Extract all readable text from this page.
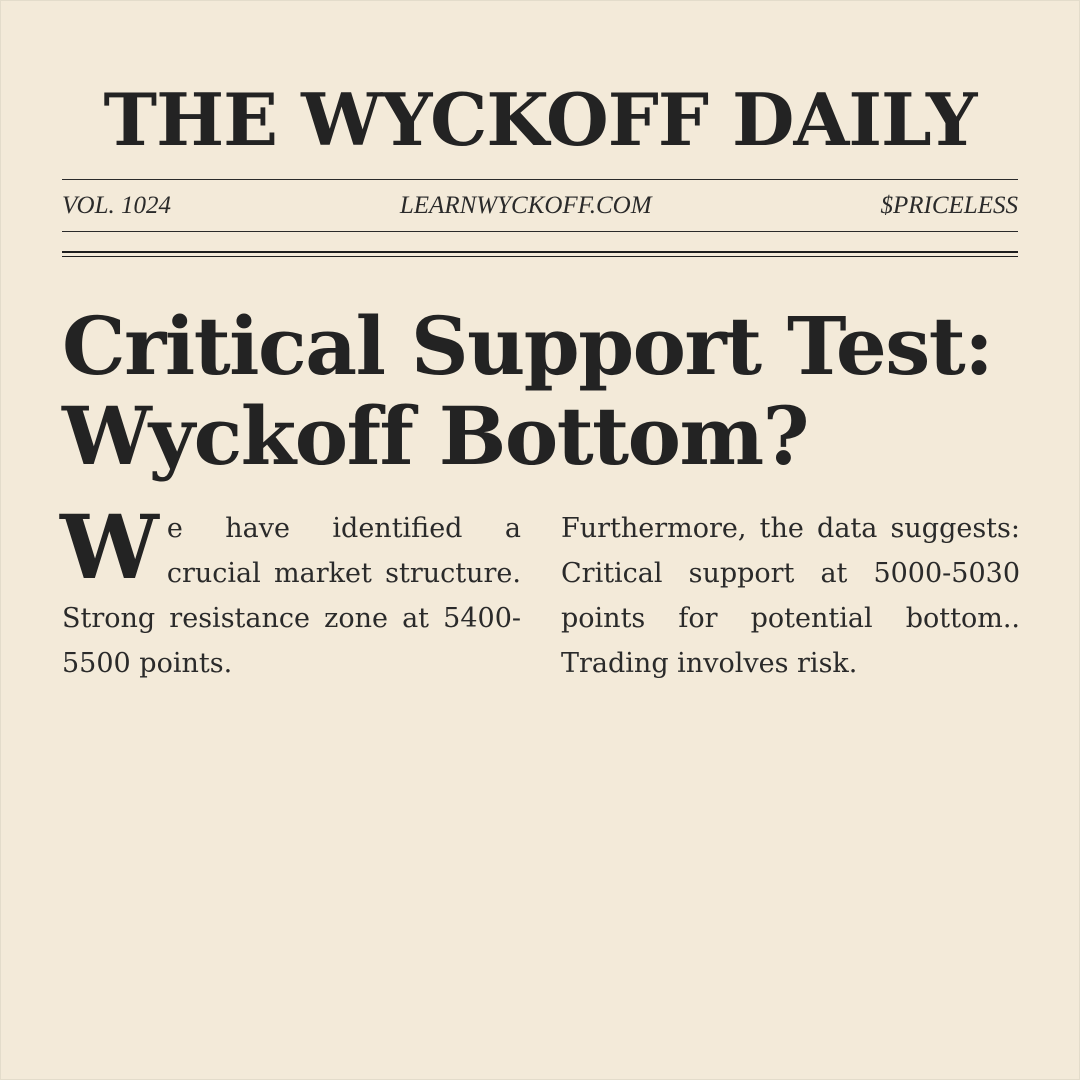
THE WYCKOFF DAILY
VOL. 1024	LEARNWYCKOFF.COM	$PRICELESS
Critical Support Test: Wyckoff Bottom?

We have identified a crucial market structure. Strong resistance zone at 5400-5500 points.

Furthermore, the data suggests: Critical support at 5000-5030 points for potential bottom.. Trading involves risk.
